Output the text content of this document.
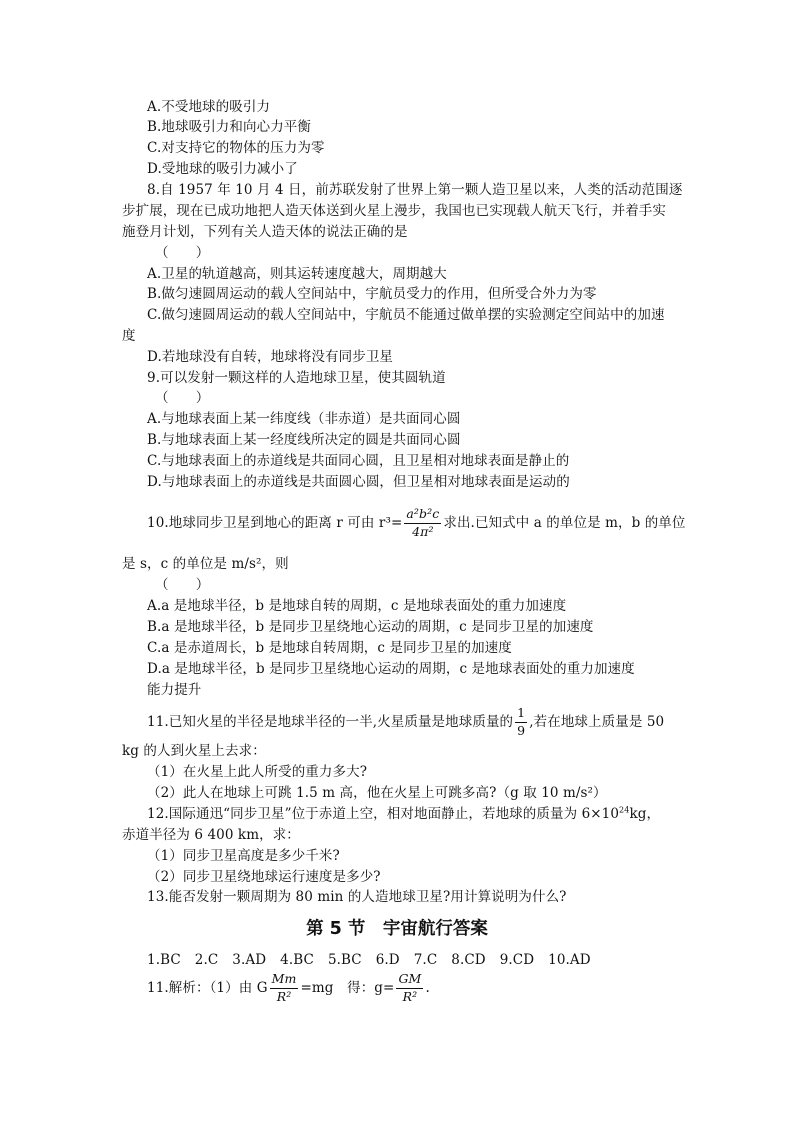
A.不受地球的吸引力
B.地球吸引力和向心力平衡
C.对支持它的物体的压力为零
D.受地球的吸引力减小了
8.自 1957 年 10 月 4 日，前苏联发射了世界上第一颗人造卫星以来，人类的活动范围逐
步扩展，现在已成功地把人造天体送到火星上漫步，我国也已实现载人航天飞行，并着手实
施登月计划，下列有关人造天体的说法正确的是
（　　）
A.卫星的轨道越高，则其运转速度越大，周期越大
B.做匀速圆周运动的载人空间站中，宇航员受力的作用，但所受合外力为零
C.做匀速圆周运动的载人空间站中，宇航员不能通过做单摆的实验测定空间站中的加速
度
D.若地球没有自转，地球将没有同步卫星
9.可以发射一颗这样的人造地球卫星，使其圆轨道
（　　）
A.与地球表面上某一纬度线（非赤道）是共面同心圆
B.与地球表面上某一经度线所决定的圆是共面同心圆
C.与地球表面上的赤道线是共面同心圆，且卫星相对地球表面是静止的
D.与地球表面上的赤道线是共面圆心圆，但卫星相对地球表面是运动的
10.地球同步卫星到地心的距离 r 可由 $r^3= \frac{\text{a²b²c}}{\text{4π²}}$ 求出.已知式中 a 的单位是 m，b 的单位
是 s，c 的单位是 m/s²，则
（　　）
A.a 是地球半径，b 是地球自转的周期，c 是地球表面处的重力加速度
B.a 是地球半径，b 是同步卫星绕地心运动的周期，c 是同步卫星的加速度
C.a 是赤道周长，b 是地球自转周期，c 是同步卫星的加速度
D.a 是地球半径，b 是同步卫星绕地心运动的周期，c 是地球表面处的重力加速度
能力提升
11.已知火星的半径是地球半径的一半,火星质量是地球质量的 $\frac{1}{9}$ ,若在地球上质量是 50
kg 的人到火星上去求：
（1）在火星上此人所受的重力多大?
（2）此人在地球上可跳 1.5 m 高，他在火星上可跳多高?（g 取 10 m/s²）
12.国际通迅“同步卫星”位于赤道上空，相对地面静止，若地球的质量为 $6\times 10^{24}kg$，
赤道半径为 6 400 km，求：
（1）同步卫星高度是多少千米?
（2）同步卫星绕地球运行速度是多少?
13.能否发射一颗周期为 80 min 的人造地球卫星?用计算说明为什么?
第 5 节　宇宙航行答案
1.BC 2.C 3.AD 4.BC 5.BC 6.D 7.C 8.CD 9.CD 10.AD
11.解析：（1）由 G $\frac{Mm}{\text{R²}} =mg$　得：$g= \frac{GM}{\text{R²}}$ .
